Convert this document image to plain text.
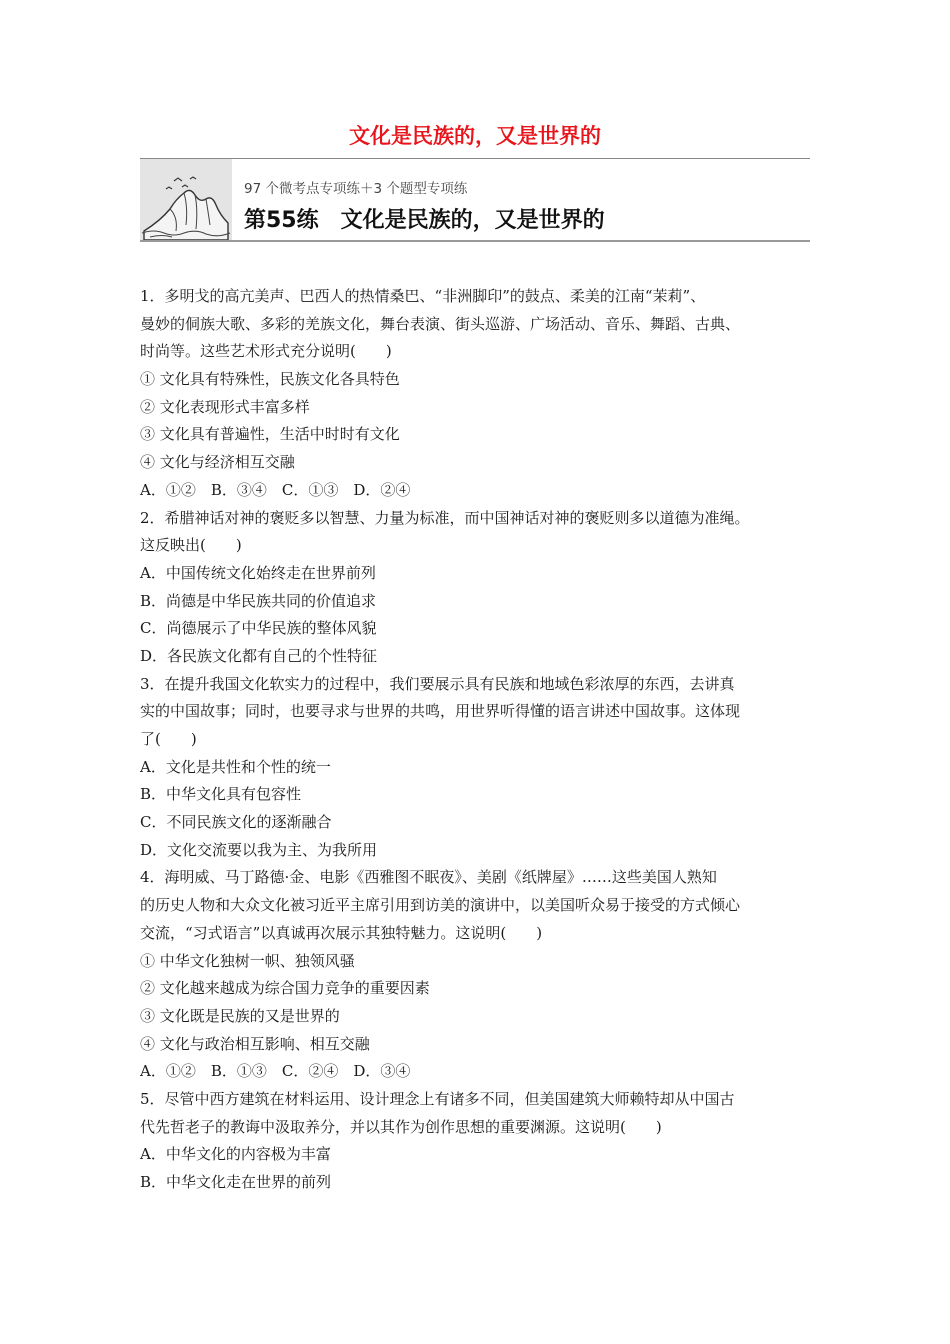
文化是民族的，又是世界的
97 个微考点专项练＋3 个题型专项练
第55练　文化是民族的，又是世界的
1．多明戈的高亢美声、巴西人的热情桑巴、“非洲脚印”的鼓点、柔美的江南“茉莉”、
曼妙的侗族大歌、多彩的羌族文化，舞台表演、街头巡游、广场活动、音乐、舞蹈、古典、
时尚等。这些艺术形式充分说明(　　)
① 文化具有特殊性，民族文化各具特色
② 文化表现形式丰富多样
③ 文化具有普遍性，生活中时时有文化
④ 文化与经济相互交融
A．①②　B．③④　C．①③　D．②④
2．希腊神话对神的褒贬多以智慧、力量为标准，而中国神话对神的褒贬则多以道德为准绳。
这反映出(　　)
A．中国传统文化始终走在世界前列
B．尚德是中华民族共同的价值追求
C．尚德展示了中华民族的整体风貌
D．各民族文化都有自己的个性特征
3．在提升我国文化软实力的过程中，我们要展示具有民族和地域色彩浓厚的东西，去讲真
实的中国故事；同时，也要寻求与世界的共鸣，用世界听得懂的语言讲述中国故事。这体现
了(　　)
A．文化是共性和个性的统一
B．中华文化具有包容性
C．不同民族文化的逐渐融合
D．文化交流要以我为主、为我所用
4．海明威、马丁路德·金、电影《西雅图不眠夜》、美剧《纸牌屋》……这些美国人熟知
的历史人物和大众文化被习近平主席引用到访美的演讲中，以美国听众易于接受的方式倾心
交流，“习式语言”以真诚再次展示其独特魅力。这说明(　　)
① 中华文化独树一帜、独领风骚
② 文化越来越成为综合国力竞争的重要因素
③ 文化既是民族的又是世界的
④ 文化与政治相互影响、相互交融
A．①②　B．①③　C．②④　D．③④
5．尽管中西方建筑在材料运用、设计理念上有诸多不同，但美国建筑大师赖特却从中国古
代先哲老子的教诲中汲取养分，并以其作为创作思想的重要渊源。这说明(　　)
A．中华文化的内容极为丰富
B．中华文化走在世界的前列
